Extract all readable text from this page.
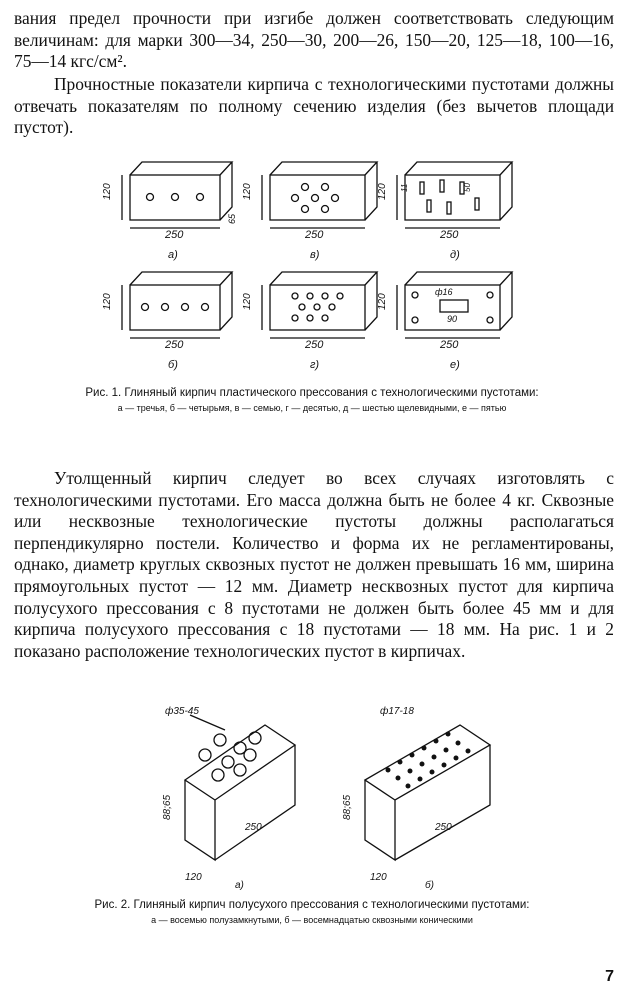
вания предел прочности при изгибе должен соответствовать следующим величинам: для марки 300—34, 250—30, 200—26, 150—20, 125—18, 100—16, 75—14 кгс/см².

Прочностные показатели кирпича с технологическими пустотами должны отвечать показателям по полному сечению изделия (без вычетов площади пустот).

120
250
65
а)
120
250
в)
120 11	50
250
д)
120
250
б)
120
250
г)
120
ф16
90
250
е)
Рис. 1. Глиняный кирпич пластического прессования с технологическими пустотами:
а — тречья, б — четырьмя, в — семью, г — десятью, д — шестью щелевидными, е — пятью

Утолщенный кирпич следует во всех случаях изготовлять с технологическими пустотами. Его масса должна быть не более 4 кг. Сквозные или несквозные технологические пустоты должны располагаться перпендикулярно постели. Количество и форма их не регламентированы, однако, диаметр круглых сквозных пустот не должен превышать 16 мм, ширина прямоугольных пустот — 12 мм. Диаметр несквозных пустот для кирпича полусухого прессования с 8 пустотами не должен быть более 45 мм и для кирпича полусухого прессования с 18 пустотами — 18 мм. На рис. 1 и 2 показано расположение технологических пустот в кирпичах.

ф35-45
88;65
120
250
ф17-18
88;65
120
250
а)	б)
Рис. 2. Глиняный кирпич полусухого прессования с технологическими пустотами:
а — восемью полузамкнутыми, б — восемнадцатью сквозными коническими
7
